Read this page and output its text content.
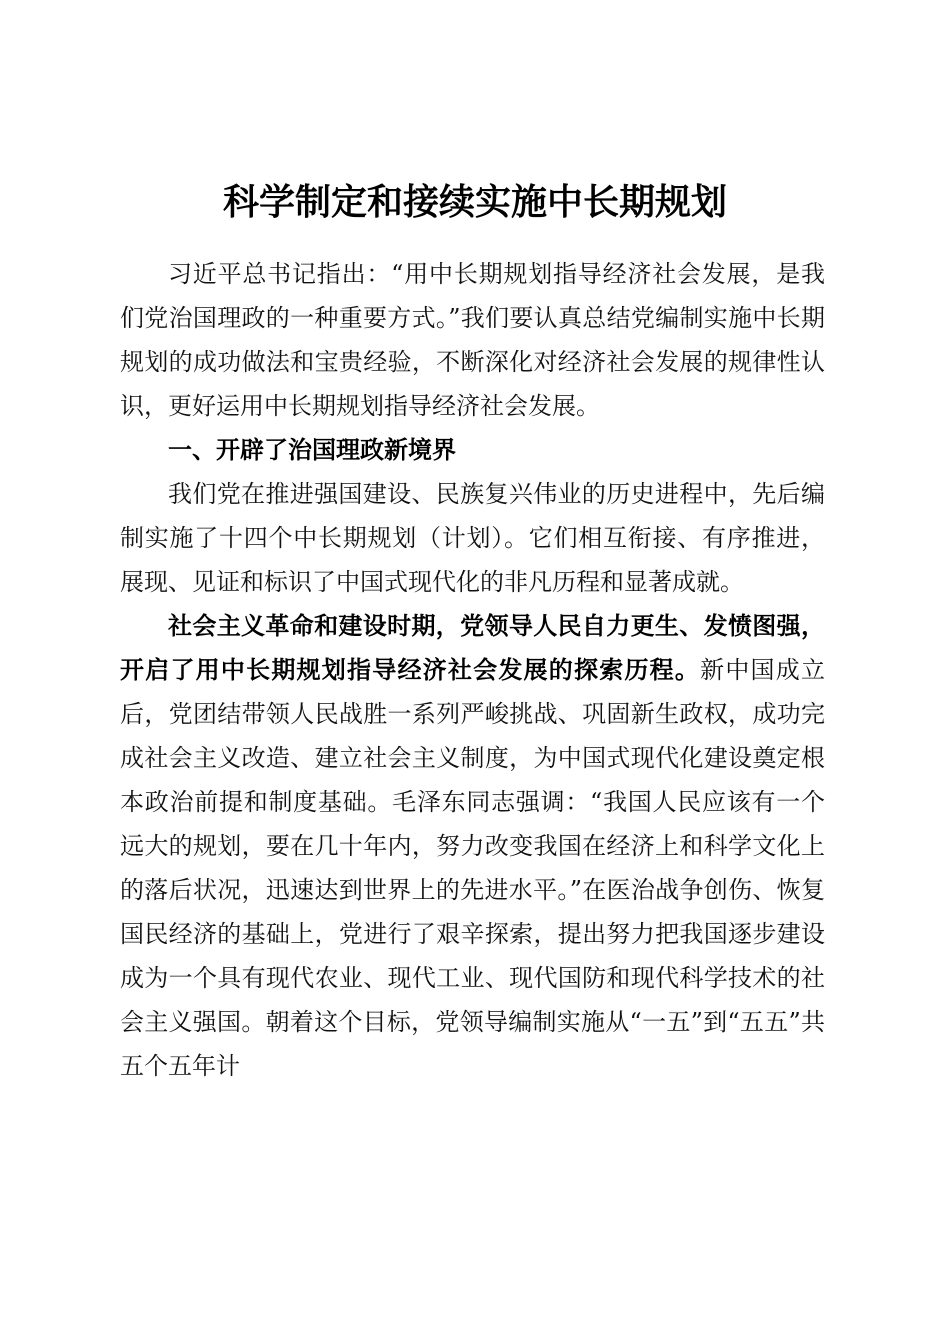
科学制定和接续实施中长期规划

习近平总书记指出：“用中长期规划指导经济社会发展，是我们党治国理政的一种重要方式。”我们要认真总结党编制实施中长期规划的成功做法和宝贵经验，不断深化对经济社会发展的规律性认识，更好运用中长期规划指导经济社会发展。

一、开辟了治国理政新境界

我们党在推进强国建设、民族复兴伟业的历史进程中，先后编制实施了十四个中长期规划（计划）。它们相互衔接、有序推进，展现、见证和标识了中国式现代化的非凡历程和显著成就。

社会主义革命和建设时期，党领导人民自力更生、发愤图强，开启了用中长期规划指导经济社会发展的探索历程。新中国成立后，党团结带领人民战胜一系列严峻挑战、巩固新生政权，成功完成社会主义改造、建立社会主义制度，为中国式现代化建设奠定根本政治前提和制度基础。毛泽东同志强调：“我国人民应该有一个远大的规划，要在几十年内，努力改变我国在经济上和科学文化上的落后状况，迅速达到世界上的先进水平。”在医治战争创伤、恢复国民经济的基础上，党进行了艰辛探索，提出努力把我国逐步建设成为一个具有现代农业、现代工业、现代国防和现代科学技术的社会主义强国。朝着这个目标，党领导编制实施从“一五”到“五五”共五个五年计
